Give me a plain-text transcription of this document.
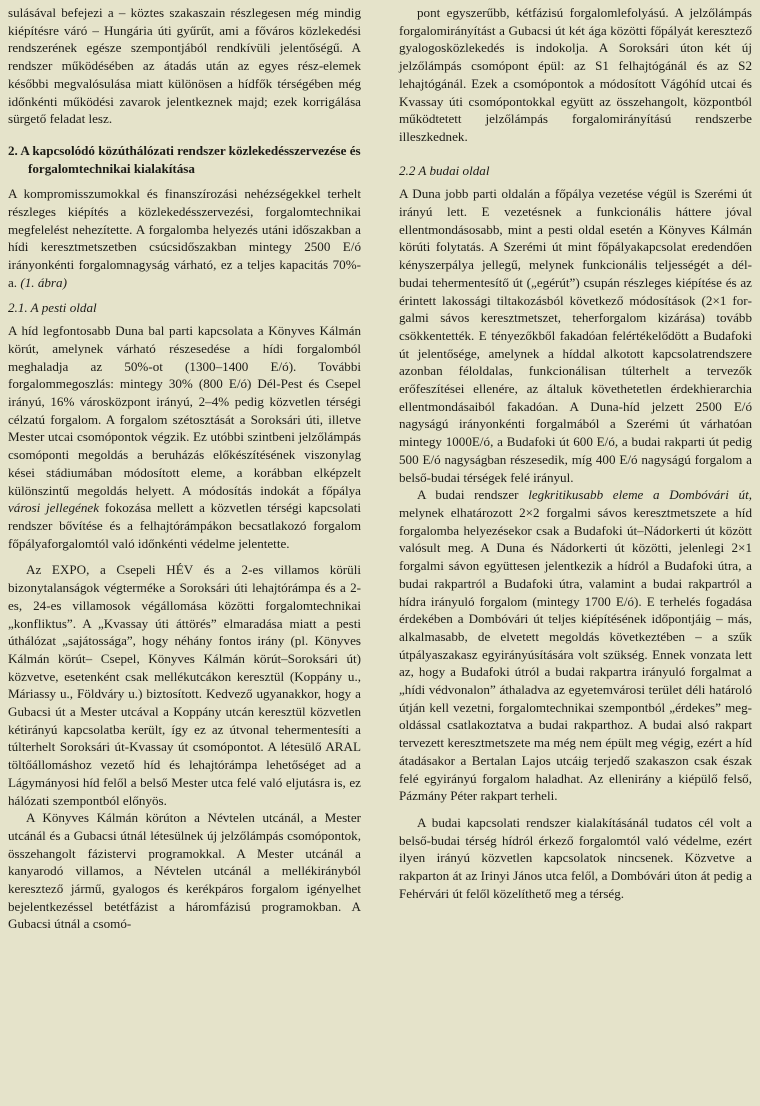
sulásával befejezi a – köztes szakaszain részlegesen még mindig kiépítésre váró – Hungária úti gyűrűt, ami a főváros közlekedési rendszerének egésze szempontjából rendkívüli jelentőségű. A rendszer működésében az átadás után az egyes rész-elemek későbbi megvalósulása miatt különösen a hídfők térségében még időnkénti működési zavarok jelentkeznek majd; ezek korrigálása sürgető feladat lesz.

2. A kapcsolódó közúthálózati rendszer közlekedésszervezése és forgalomtechnikai kialakítása

A kompromisszumokkal és finanszírozási nehézségekkel terhelt részleges kiépítés a közlekedésszervezési, forgalomtechnikai megfelelést nehezítette. A forgalomba helyezés utáni időszakban a hídi keresztmetszetben csúcsidőszakban mintegy 2500 E/ó irányonkénti forgalomnagyság várható, ez a teljes kapacitás 70%-a. (1. ábra)

2.1. A pesti oldal

A híd legfontosabb Duna bal parti kapcsolata a Könyves Kálmán körút, amelynek várható részesedése a hídi forgalomból meghaladja az 50%-ot (1300–1400 E/ó). További forgalommegoszlás: mintegy 30% (800 E/ó) Dél-Pest és Csepel irányú, 16% városközpont irányú, 2–4% pedig közvetlen térségi célzatú forgalom. A forgalom szétosztását a Soroksári úti, illetve Mester utcai csomópontok végzik. Ez utóbbi szintbeni jelzőlámpás csomóponti megoldás a beruházás előkészítésének viszonylag kései stádiumában módosított eleme, a korábban elképzelt különszintű megoldás helyett. A módosítás indokát a főpálya városi jellegének fokozása mellett a közvetlen térségi kapcsolati rendszer bővítése és a felhajtórámpákon becsatlakozó forgalom főpályaforgalomtól való időnkénti védelme jelentette.

Az EXPO, a Csepeli HÉV és a 2-es villamos körüli bizonytalanságok végterméke a Soroksári úti lehajtórámpa és a 2-es, 24-es villamosok végállomása közötti forgalomtechnikai „konfliktus”. A „Kvassay úti áttörés” elmaradása miatt a pesti úthálózat „sajátossága”, hogy néhány fontos irány (pl. Könyves Kálmán körút– Csepel, Könyves Kálmán körút–Soroksári út) közvetve, esetenként csak mellékutcákon keresztül (Koppány u., Máriassy u., Földváry u.) biztosított. Kedvező ugyanakkor, hogy a Gubacsi út a Mester utcával a Koppány utcán keresztül közvetlen kétirányú kapcsolatba került, így ez az útvonal tehermentesíti a túlterhelt Soroksári út-Kvassay út csomópontot. A létesülő ARAL töltőállomáshoz vezető híd és lehajtórámpa lehetőséget ad a Lágymányosi híd felől a belső Mester utca felé való eljutásra is, ez hálózati szempontból előnyös.

A Könyves Kálmán körúton a Névtelen utcánál, a Mester utcánál és a Gubacsi útnál létesülnek új jelzőlámpás csomópontok, összehangolt fázistervi programokkal. A Mester utcánál a kanyarodó villamos, a Névtelen utcánál a mellékirányból keresztező jármű, gyalogos és kerékpáros forgalom igényelhet bejelentkezéssel betétfázist a háromfázisú programokban. A Gubacsi útnál a csomó-

pont egyszerűbb, kétfázisú forgalomlefolyású. A jelzőlámpás forgalomirányítást a Gubacsi út két ága közötti főpályát keresztező gyalogosközlekedés is indokolja. A Soroksári úton két új jelzőlámpás csomópont épül: az S1 felhajtógánál és az S2 lehajtógánál. Ezek a csomópontok a módosított Vágóhíd utcai és Kvassay úti csomópontokkal együtt az összehangolt, központból működtetett jelzőlámpás forgalomirányítású rendszerbe illeszkednek.

2.2 A budai oldal

A Duna jobb parti oldalán a főpálya vezetése végül is Szerémi út irányú lett. E vezetésnek a funkcionális háttere jóval ellentmondásosabb, mint a pesti oldal esetén a Könyves Kálmán körúti folytatás. A Szerémi út mint főpályakapcsolat eredendően kényszerpálya jellegű, melynek funkcionális teljességét a dél-budai tehermentesítő út („egérút”) csupán részleges kiépítése és az érintett lakossági tiltakozásból következő módosítások (2×1 forgalmi sávos keresztmetszet, teherforgalom kizárása) tovább csökkentették. E tényezőkből fakadóan felértékelődött a Budafoki út jelentősége, amelynek a híddal alkotott kapcsolatrendszere azonban féloldalas, funkcionálisan túlterhelt a tervezők erőfeszítései ellenére, az általuk követhetetlen érdekhierarchia ellentmondásaiból fakadóan. A Duna-híd jelzett 2500 E/ó nagyságú irányonkénti forgalmából a Szerémi út várhatóan mintegy 1000E/ó, a Budafoki út 600 E/ó, a budai rakparti út pedig 500 E/ó nagyságban részesedik, míg 400 E/ó nagyságú forgalom a belső-budai térségek felé irányul.

A budai rendszer legkritikusabb eleme a Dombóvári út, melynek elhatározott 2×2 forgalmi sávos keresztmetszete a híd forgalomba helyezésekor csak a Budafoki út–Nádorkerti út között valósult meg. A Duna és Nádorkerti út közötti, jelenlegi 2×1 forgalmi sávon együttesen jelentkezik a hídról a Budafoki útra, a budai rakpartról a Budafoki útra, valamint a budai rakpartról a hídra irányuló forgalom (mintegy 1700 E/ó). E terhelés fogadása érdekében a Dombóvári út teljes kiépítésének időpontjáig – más, alkalmasabb, de elvetett megoldás következtében – a szűk útpályaszakasz egyirányúsítására volt szükség. Ennek vonzata lett az, hogy a Budafoki útról a budai rakpartra irányuló forgalmat a „hídi védvonalon” áthaladva az egyetemvárosi terület déli határoló útján kell vezetni, forgalomtechnikai szempontból „érdekes” megoldással csatlakoztatva a budai rakparthoz. A budai alsó rakpart tervezett keresztmetszete ma még nem épült meg végig, ezért a híd átadásakor a Bertalan Lajos utcáig terjedő szakaszon csak észak felé egyirányú forgalom haladhat. Az ellenirány a kiépülő felső, Pázmány Péter rakpart terheli.

A budai kapcsolati rendszer kialakításánál tudatos cél volt a belső-budai térség hídról érkező forgalomtól való védelme, ezért ilyen irányú közvetlen kapcsolatok nincsenek. Közvetve a rakparton át az Irinyi János utca felől, a Dombóvári úton át pedig a Fehérvári út felől közelíthető meg a térség.
